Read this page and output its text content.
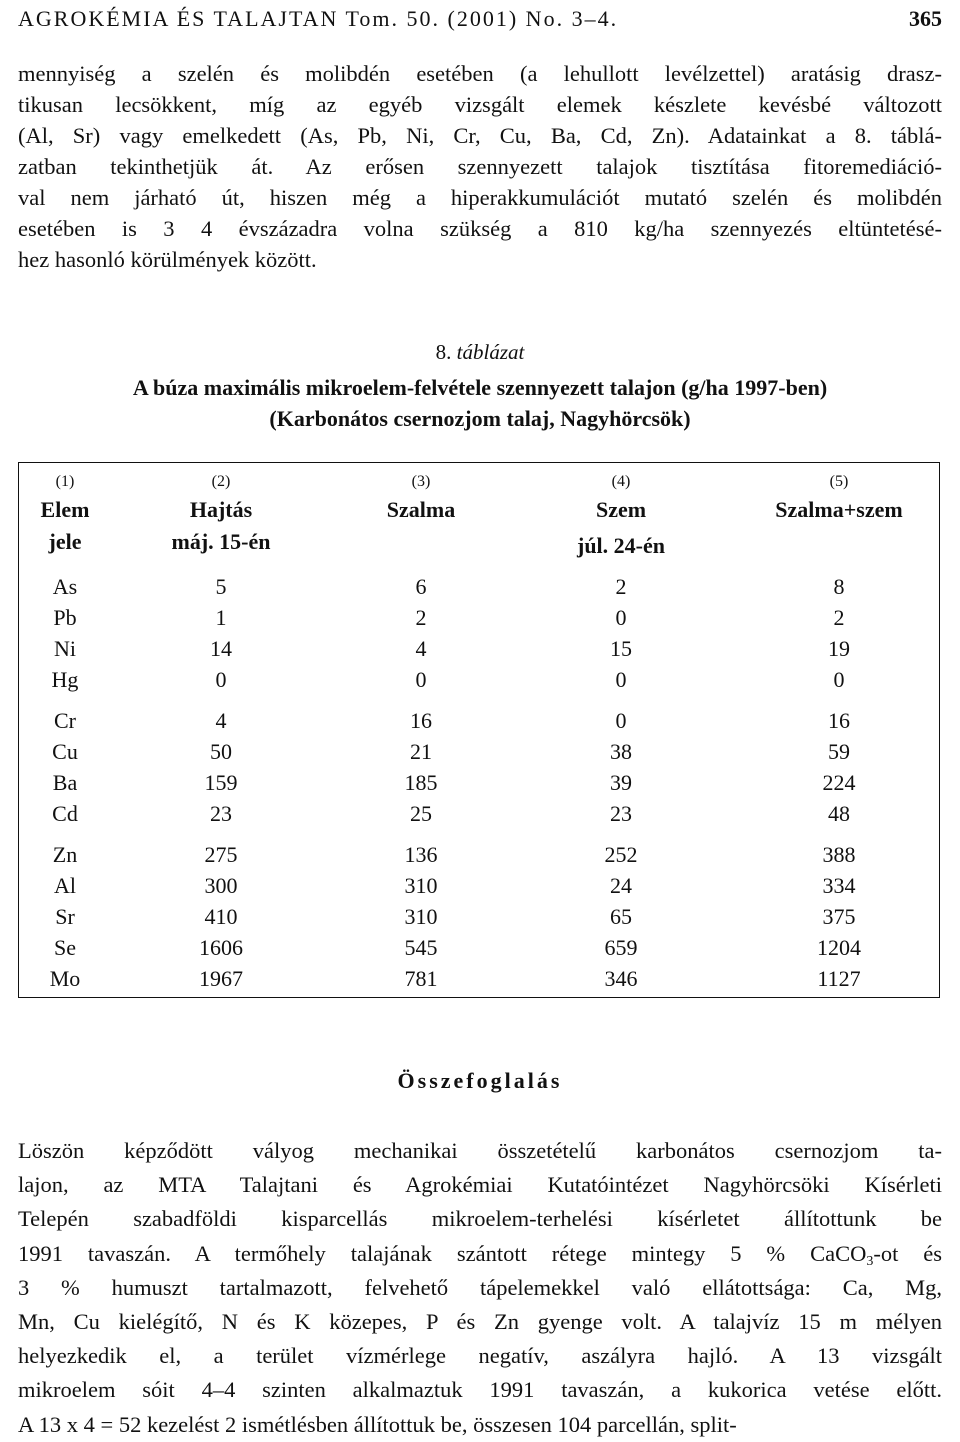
AGROKÉMIA ÉS TALAJTAN Tom. 50. (2001) No. 3–4.	365

mennyiség a szelén és molibdén esetében (a lehullott levélzettel) aratásig drasz-
tikusan lecsökkent, míg az egyéb vizsgált elemek készlete kevésbé változott
(Al, Sr) vagy emelkedett (As, Pb, Ni, Cr, Cu, Ba, Cd, Zn). Adatainkat a 8. táblá-
zatban tekinthetjük át. Az erősen szennyezett talajok tisztítása fitoremediáció-
val nem járható út, hiszen még a hiperakkumulációt mutató szelén és molibdén
esetében is 3 4 évszázadra volna szükség a 810 kg/ha szennyezés eltüntetésé-
hez hasonló körülmények között.

8. táblázat
A búza maximális mikroelem-felvétele szennyezett talajon (g/ha 1997-ben)
(Karbonátos csernozjom talaj, Nagyhörcsök)
(1)
Elem
jele
As
Pb
Ni
Hg
Cr
Cu
Ba
Cd
Zn
Al
Sr
Se
Mo
(2)
Hajtás
máj. 15-én
5
1
14
0
4
50
159
23
275
300
410
1606
1967
(3)
Szalma
6
2
4
0
16
21
185
25
136
310
310
545
781
(4)
Szem
júl. 24-én
2
0
15
0
0
38
39
23
252
24
65
659
346
(5)
Szalma+szem
8
2
19
0
16
59
224
48
388
334
375
1204
1127
Összefoglalás

Löszön képződött vályog mechanikai összetételű karbonátos csernozjom ta-
lajon, az MTA Talajtani és Agrokémiai Kutatóintézet Nagyhörcsöki Kísérleti
Telepén szabadföldi kisparcellás mikroelem-terhelési kísérletet állítottunk be
1991 tavaszán. A termőhely talajának szántott rétege mintegy 5 % CaCO$_3$-ot és
3 % humuszt tartalmazott, felvehető tápelemekkel való ellátottsága: Ca, Mg,
Mn, Cu kielégítő, N és K közepes, P és Zn gyenge volt. A talajvíz 15 m mélyen
helyezkedik el, a terület vízmérlege negatív, aszályra hajló. A 13 vizsgált
mikroelem sóit 4–4 szinten alkalmaztuk 1991 tavaszán, a kukorica vetése előtt.
A 13 x 4 = 52 kezelést 2 ismétlésben állítottuk be, összesen 104 parcellán, split-
